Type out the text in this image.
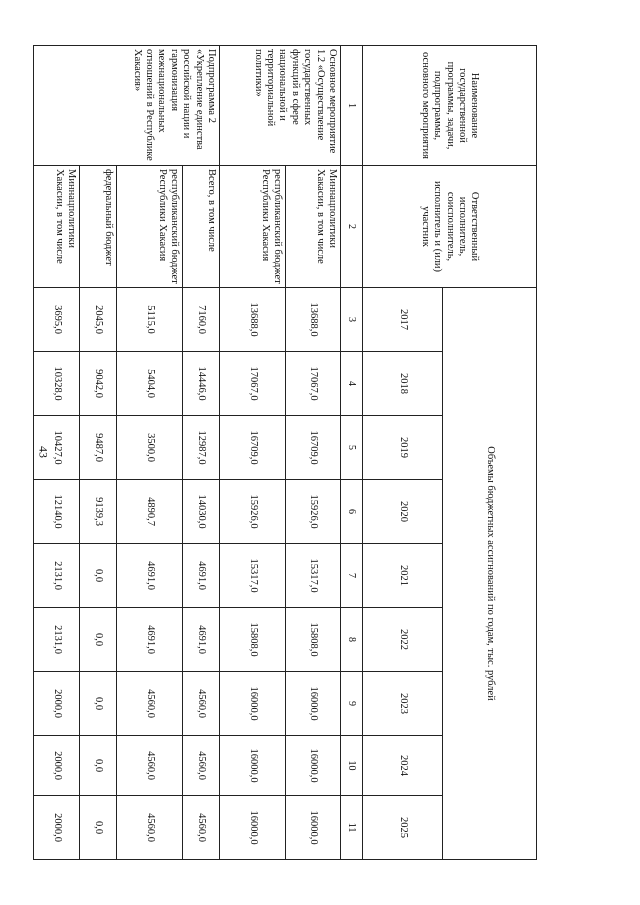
43
Наименование государственной программы, задачи, подпрограммы, основного мероприятия	Ответственный исполнитель, соисполнитель, исполнитель и (или) участник	Объемы бюджетных ассигнований по годам, тыс. рублей								
		2017	2018	2019	2020	2021	2022	2023	2024	2025
1	2	3	4	5	6	7	8	9	10	11
Основное мероприятие 1.2 «Осуществление государственных функций в сфере национальной и территориальной политики»	Миннацполитики Хакасии, в том числе	13688,0	17067,0	16709,0	15926,0	15317,0	15808,0	16000,0	16000,0	16000,0
	республиканский бюджет Республики Хакасия	13688,0	17067,0	16709,0	15926,0	15317,0	15808,0	16000,0	16000,0	16000,0
Подпрограмма 2 «Укрепление единства российской нации и гармонизация межнациональных отношений в Республике Хакасия»	Всего, в том числе	7160,0	14446,0	12987,0	14030,0	4691,0	4691,0	4560,0	4560,0	4560,0
	республиканский бюджет Республики Хакасия	5115,0	5404,0	3500,0	4890,7	4691,0	4691,0	4560,0	4560,0	4560,0
	федеральный бюджет	2045,0	9042,0	9487,0	9139,3	0,0	0,0	0,0	0,0	0,0
	Миннацполитики Хакасии, в том числе	3695,0	10328,0	10427,0	12140,0	2131,0	2131,0	2000,0	2000,0	2000,0
